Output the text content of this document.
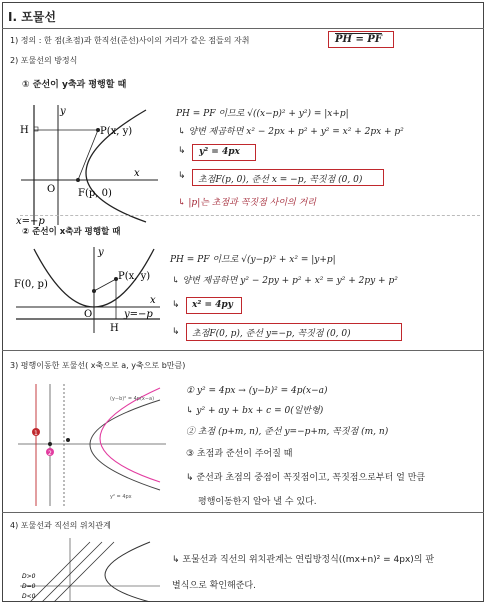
Ⅰ. 포물선
1) 정의 : 한 점(초점)과 한직선(준선)사이의 거리가 같은 점들의 자취	PH = PF
2) 포물선의 방정식
① 준선이 y축과 평행할 때
y
x
H	P(x, y)
O F(p, 0)
x=−p
PH = PF 이므로 √((x−p)² + y²) = |x+p|
↳ 양변 제곱하면 x² − 2px + p² + y² = x² + 2px + p²
y² = 4px
↳
초점F(p, 0), 준선 x = −p, 꼭짓점 (0, 0)
↳
↳ |p|는 초점과 꼭짓점 사이의 거리
② 준선이 x축과 평행할 때
y
x
F(0, p)
P(x, y)
O
H
y=−p
PH = PF 이므로 √(y−p)² + x² = |y+p|
↳ 양변 제곱하면 y² − 2py + p² + x² = y² + 2py + p²
↳ x² = 4py
↳ 초점F(0, p), 준선 y=−p, 꼭짓점 (0, 0)
3) 평행이동한 포물선( x축으로 a, y축으로 b만큼)
1
2
(y−b)² = 4p(x−a)
y² = 4px
① y² = 4px → (y−b)² = 4p(x−a)
↳ y² + ay + bx + c = 0(일반형)
② 초점 (p+m, n), 준선 y=−p+m, 꼭짓점 (m, n)
③ 초점과 준선이 주어질 때
↳ 준선과 초점의 중점이 꼭짓점이고, 꼭짓점으로부터 얼 만큼
평행이동한지 알아 낼 수 있다.
4) 포물선과 직선의 위치관계
D>0
D=0
D<0
↳ 포물선과 직선의 위치관계는 연립방정식((mx+n)² = 4px)의 판
별식으로 확인해준다.
